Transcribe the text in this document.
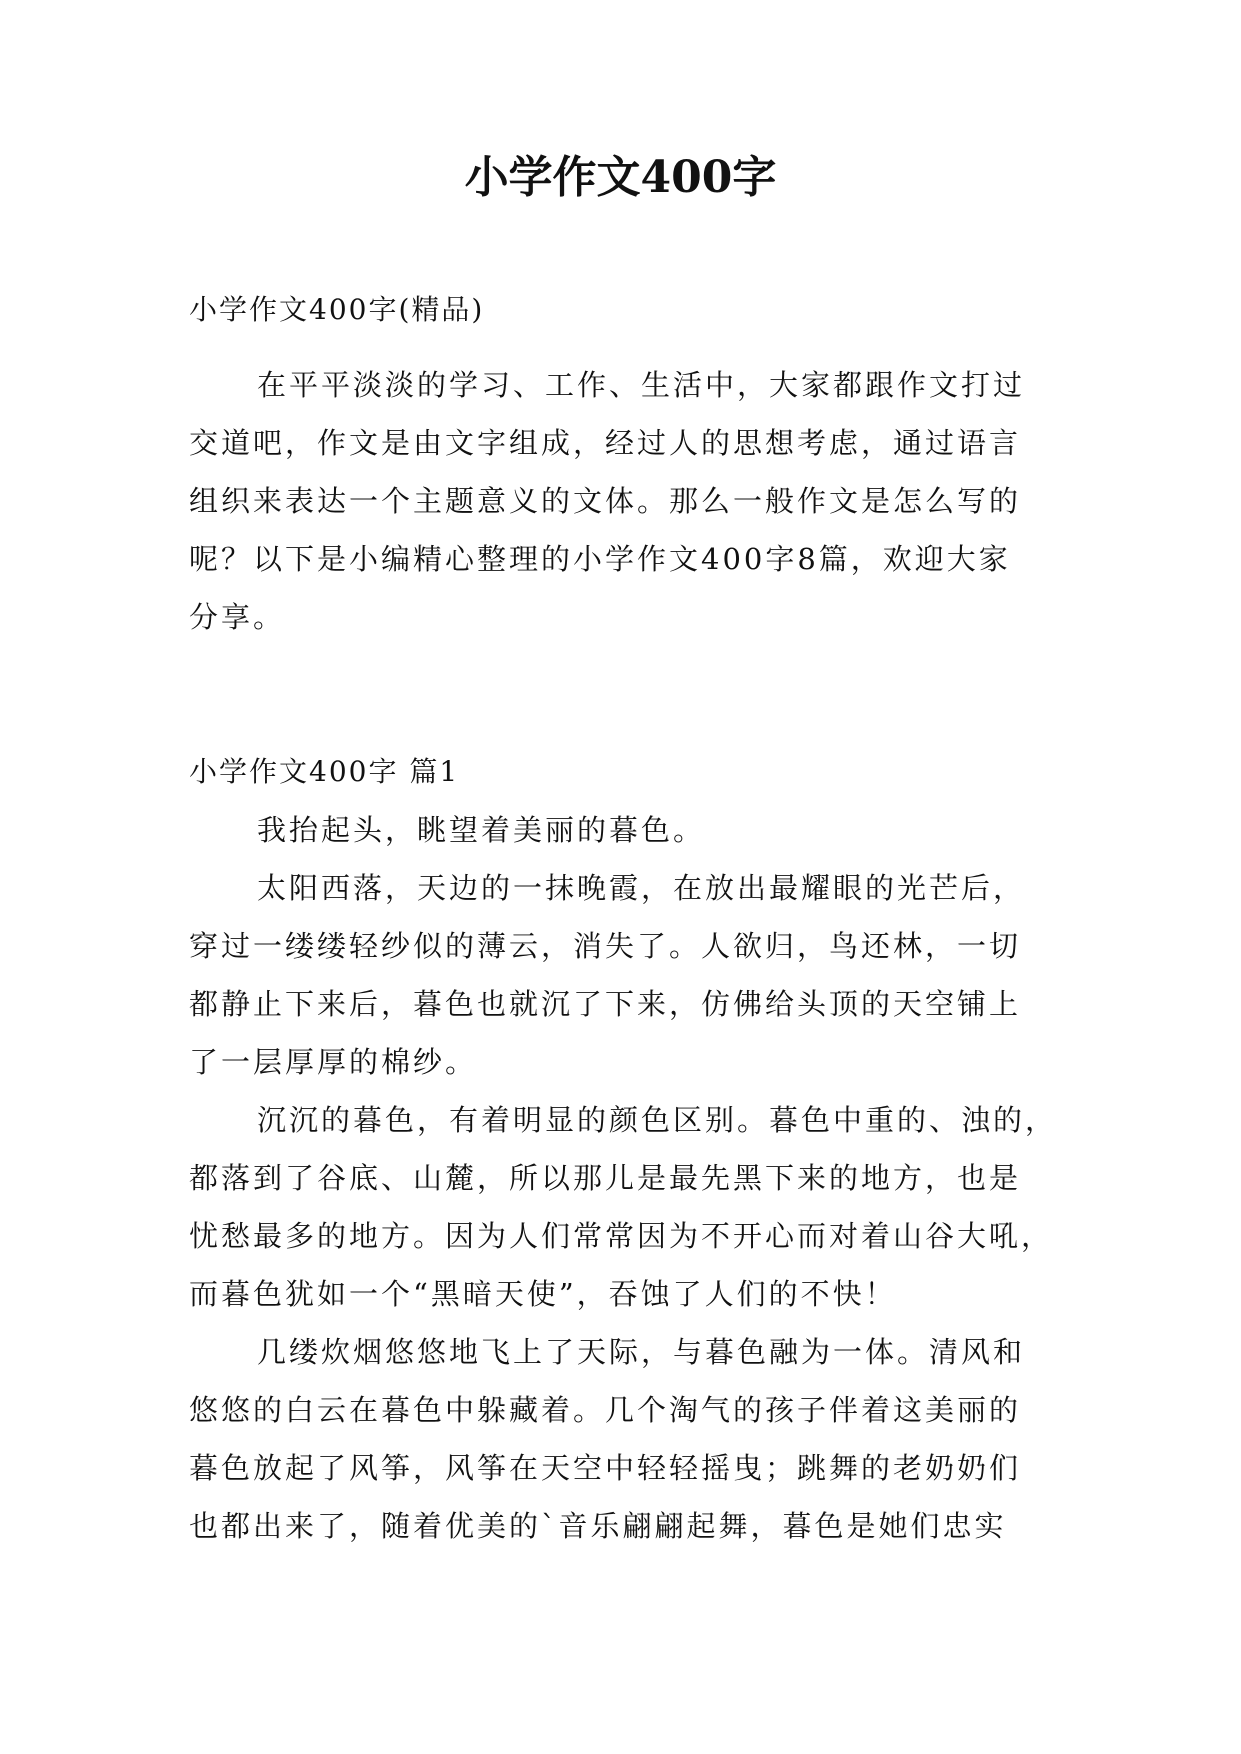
小学作文400字
小学作文400字(精品)
在平平淡淡的学习、工作、生活中，大家都跟作文打过
交道吧，作文是由文字组成，经过人的思想考虑，通过语言
组织来表达一个主题意义的文体。那么一般作文是怎么写的
呢？以下是小编精心整理的小学作文400字8篇，欢迎大家
分享。
小学作文400字 篇1
我抬起头，眺望着美丽的暮色。
太阳西落，天边的一抹晚霞，在放出最耀眼的光芒后，
穿过一缕缕轻纱似的薄云，消失了。人欲归，鸟还林，一切
都静止下来后，暮色也就沉了下来，仿佛给头顶的天空铺上
了一层厚厚的棉纱。
沉沉的暮色，有着明显的颜色区别。暮色中重的、浊的，
都落到了谷底、山麓，所以那儿是最先黑下来的地方，也是
忧愁最多的地方。因为人们常常因为不开心而对着山谷大吼，
而暮色犹如一个“黑暗天使”，吞蚀了人们的不快！
几缕炊烟悠悠地飞上了天际，与暮色融为一体。清风和
悠悠的白云在暮色中躲藏着。几个淘气的孩子伴着这美丽的
暮色放起了风筝，风筝在天空中轻轻摇曳；跳舞的老奶奶们
也都出来了，随着优美的`音乐翩翩起舞，暮色是她们忠实
